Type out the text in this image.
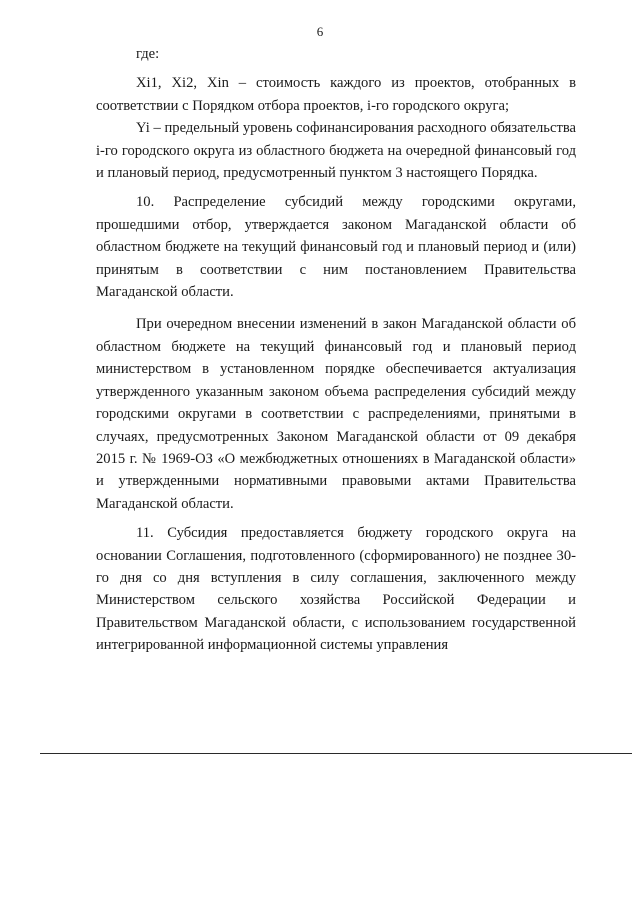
6

где:

Xi1, Xi2, Xin – стоимость каждого из проектов, отобранных в соответствии с Порядком отбора проектов, i-го городского округа;

Yi – предельный уровень софинансирования расходного обязательства i-го городского округа из областного бюджета на очередной финансовый год и плановый период, предусмотренный пунктом 3 настоящего Порядка.

10. Распределение субсидий между городскими округами, прошедшими отбор, утверждается законом Магаданской области об областном бюджете на текущий финансовый год и плановый период и (или) принятым в соответствии с ним постановлением Правительства Магаданской области.

При очередном внесении изменений в закон Магаданской области об областном бюджете на текущий финансовый год и плановый период министерством в установленном порядке обеспечивается актуализация утвержденного указанным законом объема распределения субсидий между городскими округами в соответствии с распределениями, принятыми в случаях, предусмотренных Законом Магаданской области от 09 декабря 2015 г. № 1969-ОЗ «О межбюджетных отношениях в Магаданской области» и утвержденными нормативными правовыми актами Правительства Магаданской области.

11. Субсидия предоставляется бюджету городского округа на основании Соглашения, подготовленного (сформированного) не позднее 30-го дня со дня вступления в силу соглашения, заключенного между Министерством сельского хозяйства Российской Федерации и Правительством Магаданской области, с использованием государственной интегрированной информационной системы управления
